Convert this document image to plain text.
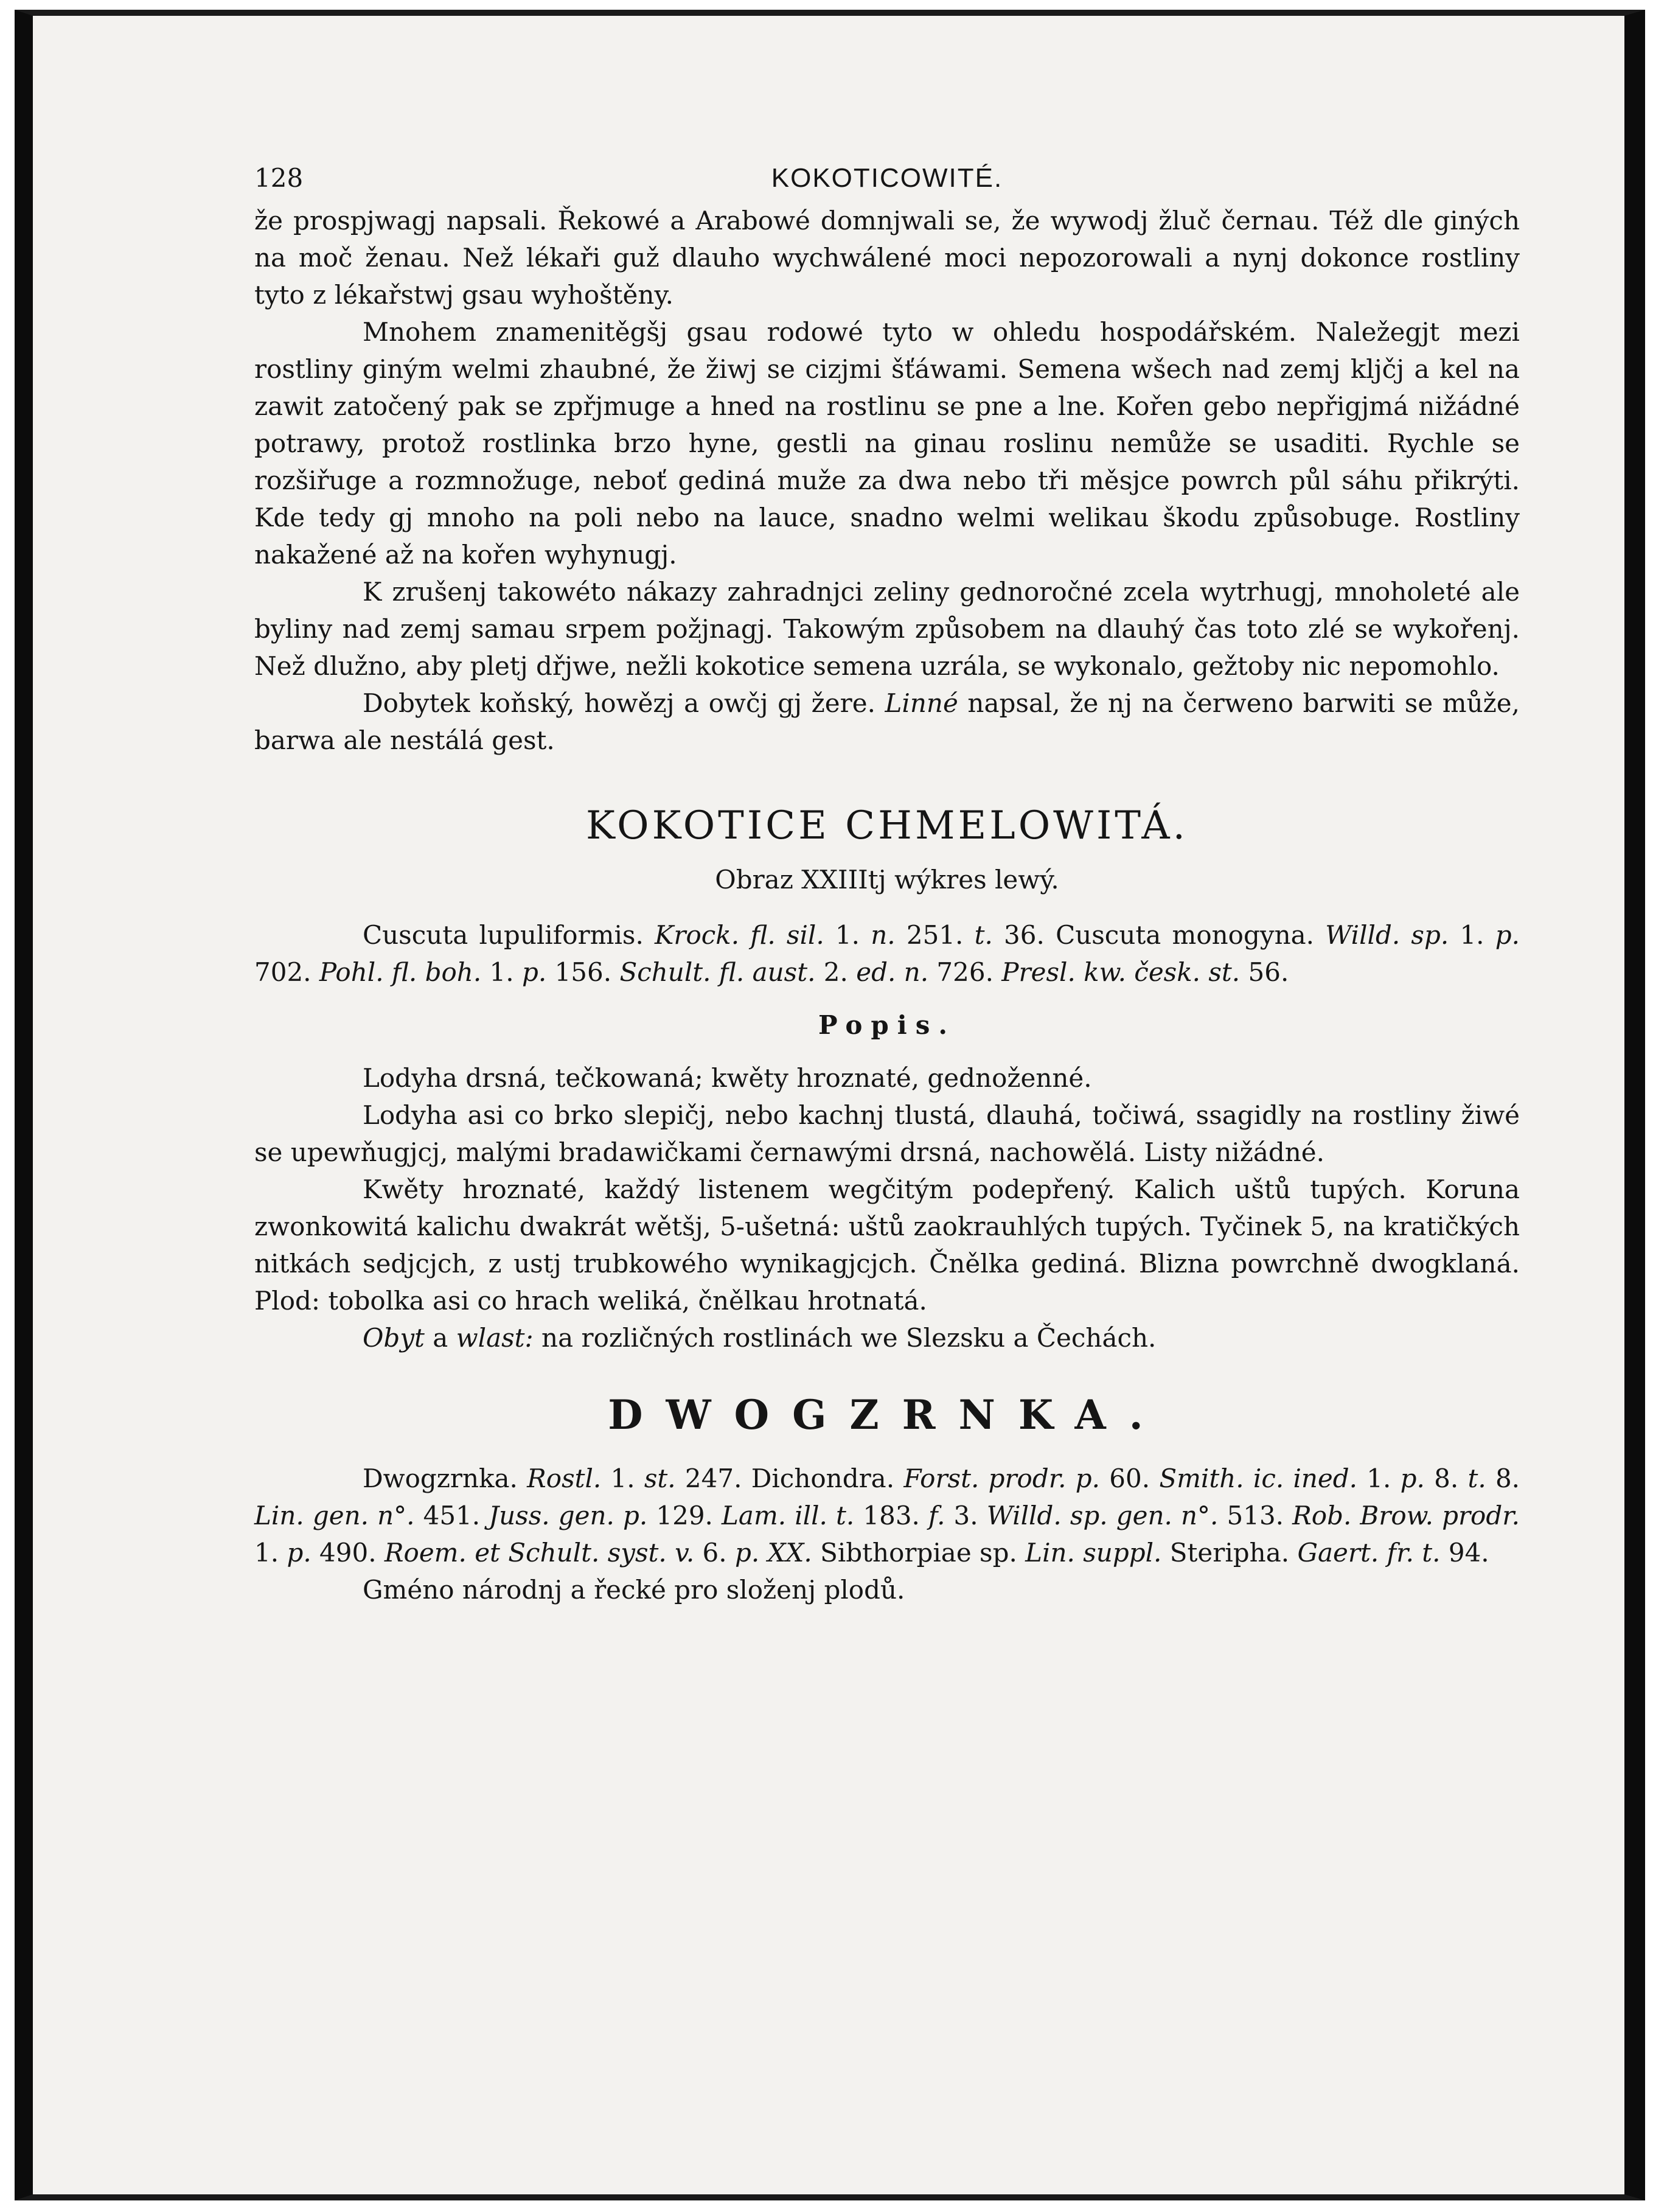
128	KOKOTICOWITÉ.

že prospjwagj napsali. Řekowé a Arabowé domnjwali se, že wywodj žluč černau. Též dle giných na moč ženau. Než lékaři guž dlauho wychwálené moci nepozorowali a nynj dokonce rostliny tyto z lékařstwj gsau wyhoštěny.

Mnohem znamenitěgšj gsau rodowé tyto w ohledu hospodářském. Naležegjt mezi rostliny giným welmi zhaubné, že žiwj se cizjmi šťáwami. Semena wšech nad zemj kljčj a kel na zawit zatočený pak se zpřjmuge a hned na rostlinu se pne a lne. Kořen gebo nepřigjmá nižádné potrawy, protož rostlinka brzo hyne, gestli na ginau roslinu nemůže se usaditi. Rychle se rozšiřuge a rozmnožuge, neboť gediná muže za dwa nebo tři měsjce powrch půl sáhu přikrýti. Kde tedy gj mnoho na poli nebo na lauce, snadno welmi welikau škodu způsobuge. Rostliny nakažené až na kořen wyhynugj.

K zrušenj takowéto nákazy zahradnjci zeliny gednoročné zcela wytrhugj, mnoholeté ale byliny nad zemj samau srpem požjnagj. Takowým způsobem na dlauhý čas toto zlé se wykořenj. Než dlužno, aby pletj dřjwe, nežli kokotice semena uzrála, se wykonalo, gežtoby nic nepomohlo.

Dobytek koňský, howězj a owčj gj žere. Linné napsal, že nj na čerweno barwiti se může, barwa ale nestálá gest.

KOKOTICE CHMELOWITÁ.
Obraz XXIIItj wýkres lewý.

Cuscuta lupuliformis. Krock. fl. sil. 1. n. 251. t. 36. Cuscuta monogyna. Willd. sp. 1. p. 702. Pohl. fl. boh. 1. p. 156. Schult. fl. aust. 2. ed. n. 726. Presl. kw. česk. st. 56.

Popis.

Lodyha drsná, tečkowaná; kwěty hroznaté, gednoženné.

Lodyha asi co brko slepičj, nebo kachnj tlustá, dlauhá, točiwá, ssagidly na rostliny žiwé se upewňugjcj, malými bradawičkami černawými drsná, nachowělá. Listy nižádné.

Kwěty hroznaté, každý listenem wegčitým podepřený. Kalich uštů tupých. Koruna zwonkowitá kalichu dwakrát wětšj, 5-ušetná: uštů zaokrauhlých tupých. Tyčinek 5, na kratičkých nitkách sedjcjch, z ustj trubkowého wynikagjcjch. Čnělka gediná. Blizna powrchně dwogklaná. Plod: tobolka asi co hrach weliká, čnělkau hrotnatá.

Obyt a wlast: na rozličných rostlinách we Slezsku a Čechách.

DWOGZRNKA.

Dwogzrnka. Rostl. 1. st. 247. Dichondra. Forst. prodr. p. 60. Smith. ic. ined. 1. p. 8. t. 8. Lin. gen. n°. 451. Juss. gen. p. 129. Lam. ill. t. 183. f. 3. Willd. sp. gen. n°. 513. Rob. Brow. prodr. 1. p. 490. Roem. et Schult. syst. v. 6. p. XX. Sibthorpiae sp. Lin. suppl. Steripha. Gaert. fr. t. 94.

Gméno národnj a řecké pro složenj plodů.
